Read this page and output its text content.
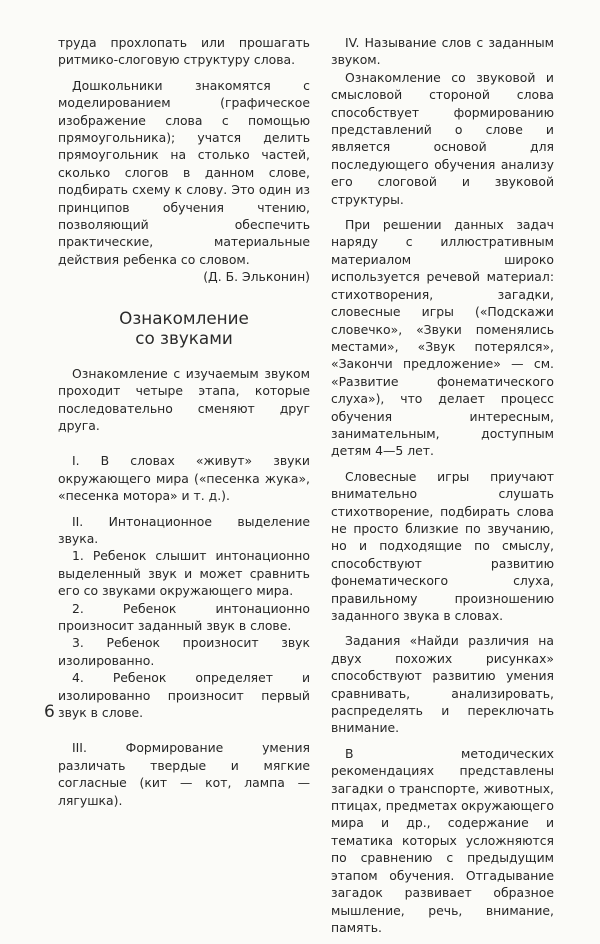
труда прохлопать или прошагать ритмико-слоговую структуру слова.

Дошкольники знакомятся с моделированием (графическое изображение слова с помощью прямоугольника); учатся делить прямоугольник на столько частей, сколько слогов в данном слове, подбирать схему к слову. Это один из принципов обучения чтению, позволяющий обеспечить практические, материальные действия ребенка со словом.

(Д. Б. Эльконин)
Ознакомление
со звуками

Ознакомление с изучаемым звуком проходит четыре этапа, которые последовательно сменяют друг друга.

I. В словах «живут» звуки окружающего мира («песенка жука», «песенка мотора» и т. д.).

II. Интонационное выделение звука.

1. Ребенок слышит интонационно выделенный звук и может сравнить его со звуками окружающего мира.

2. Ребенок интонационно произносит заданный звук в слове.

3. Ребенок произносит звук изолированно.

4. Ребенок определяет и изолированно произносит первый звук в слове.

III. Формирование умения различать твердые и мягкие согласные (кит — кот, лампа — лягушка).

IV. Называние слов с заданным звуком.

Ознакомление со звуковой и смысловой стороной слова способствует формированию представлений о слове и является основой для последующего обучения анализу его слоговой и звуковой структуры.

При решении данных задач наряду с иллюстративным материалом широко используется речевой материал: стихотворения, загадки, словесные игры («Подскажи словечко», «Звуки поменялись местами», «Звук потерялся», «Закончи предложение» — см. «Развитие фонематического слуха»), что делает процесс обучения интересным, занимательным, доступным детям 4—5 лет.

Словесные игры приучают внимательно слушать стихотворение, подбирать слова не просто близкие по звучанию, но и подходящие по смыслу, способствуют развитию фонематического слуха, правильному произношению заданного звука в словах.

Задания «Найди различия на двух похожих рисунках» способствуют развитию умения сравнивать, анализировать, распределять и переключать внимание.

В методических рекомендациях представлены загадки о транспорте, животных, птицах, предметах окружающего мира и др., содержание и тематика которых усложняются по сравнению с предыдущим этапом обучения. Отгадывание загадок развивает образное мышление, речь, внимание, память.

6
